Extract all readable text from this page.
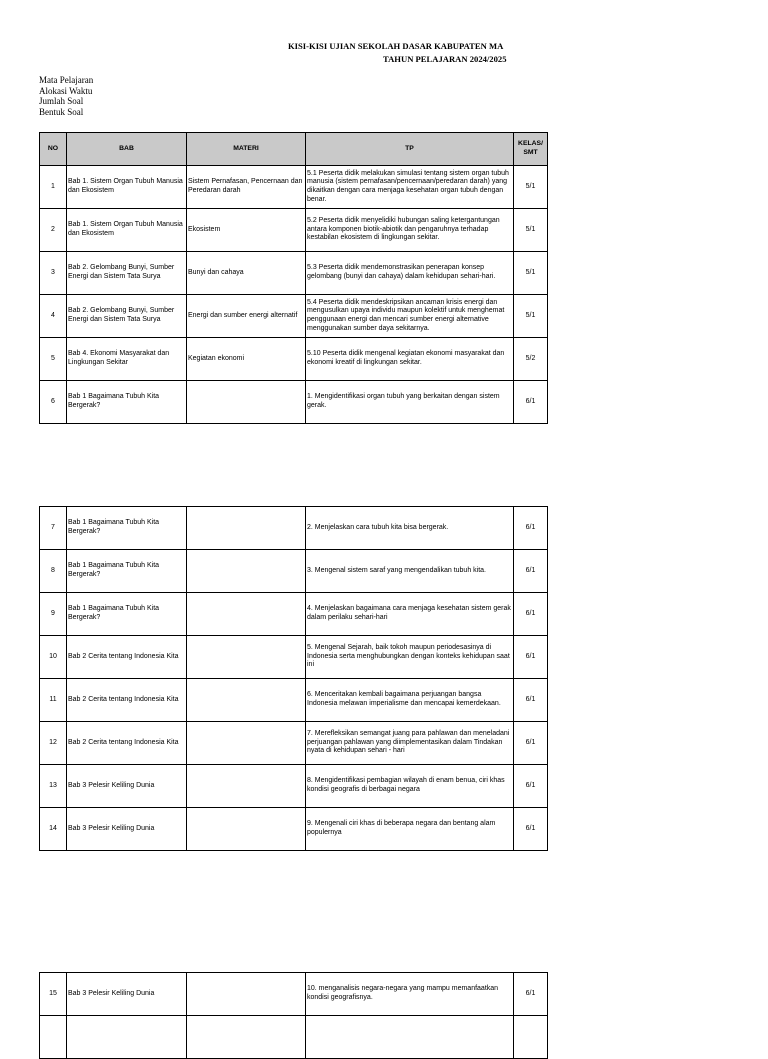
KISI-KISI UJIAN SEKOLAH DASAR KABUPATEN MA
TAHUN PELAJARAN 2024/2025
Mata Pelajaran
Alokasi Waktu
Jumlah Soal
Bentuk Soal
NO	BAB	MATERI	TP	KELAS/ SMT
1	Bab 1. Sistem Organ Tubuh Manusia dan Ekosistem	Sistem Pernafasan, Pencernaan dan Peredaran darah	5.1 Peserta didik melakukan simulasi tentang sistem organ tubuh manusia (sistem pernafasan/pencernaan/peredaran darah) yang dikaitkan dengan cara menjaga kesehatan organ tubuh dengan benar.	5/1
2	Bab 1. Sistem Organ Tubuh Manusia dan Ekosistem	Ekosistem	5.2 Peserta didik menyelidiki hubungan saling ketergantungan antara komponen biotik-abiotik dan pengaruhnya terhadap kestabilan ekosistem di lingkungan sekitar.	5/1
3	Bab 2. Gelombang Bunyi, Sumber Energi dan Sistem Tata Surya	Bunyi dan cahaya	5.3 Peserta didik mendemonstrasikan penerapan konsep gelombang (bunyi dan cahaya) dalam kehidupan sehari-hari.	5/1
4	Bab 2. Gelombang Bunyi, Sumber Energi dan Sistem Tata Surya	Energi dan sumber energi alternatif	5.4 Peserta didik mendeskripsikan ancaman krisis energi dan mengusulkan upaya individu maupun kolektif untuk menghemat penggunaan energi dan mencari sumber energi alternative menggunakan sumber daya sekitarnya.	5/1
5	Bab 4. Ekonomi Masyarakat dan Lingkungan Sekitar	Kegiatan ekonomi	5.10 Peserta didik mengenal kegiatan ekonomi masyarakat dan ekonomi kreatif di lingkungan sekitar.	5/2
6	Bab 1 Bagaimana Tubuh Kita Bergerak?		1. Mengidentifikasi organ tubuh yang berkaitan dengan sistem gerak.	6/1
7	Bab 1 Bagaimana Tubuh Kita Bergerak?		2. Menjelaskan cara tubuh kita bisa bergerak.	6/1
8	Bab 1 Bagaimana Tubuh Kita Bergerak?		3. Mengenal sistem saraf yang mengendalikan tubuh kita.	6/1
9	Bab 1 Bagaimana Tubuh Kita Bergerak?		4. Menjelaskan bagaimana cara menjaga kesehatan sistem gerak dalam perilaku sehari-hari	6/1
10	Bab 2 Cerita tentang Indonesia Kita		5. Mengenal Sejarah, baik tokoh maupun periodesasinya di Indonesia serta menghubungkan dengan konteks kehidupan saat ini	6/1
11	Bab 2 Cerita tentang Indonesia Kita		6. Menceritakan kembali bagaimana perjuangan bangsa Indonesia melawan imperialisme dan mencapai kemerdekaan.	6/1
12	Bab 2 Cerita tentang Indonesia Kita		7. Merefleksikan semangat juang para pahlawan dan meneladani perjuangan pahlawan yang diimplementasikan dalam Tindakan nyata di kehidupan sehari - hari	6/1
13	Bab 3 Pelesir Keliling Dunia		8. Mengidentifikasi pembagian wilayah di enam benua, ciri khas kondisi geografis di berbagai negara	6/1
14	Bab 3 Pelesir Keliling Dunia		9. Mengenali ciri khas di beberapa negara dan bentang alam populernya	6/1
15	Bab 3 Pelesir Keliling Dunia		10. menganalisis negara-negara yang mampu memanfaatkan kondisi geografisnya.	6/1
